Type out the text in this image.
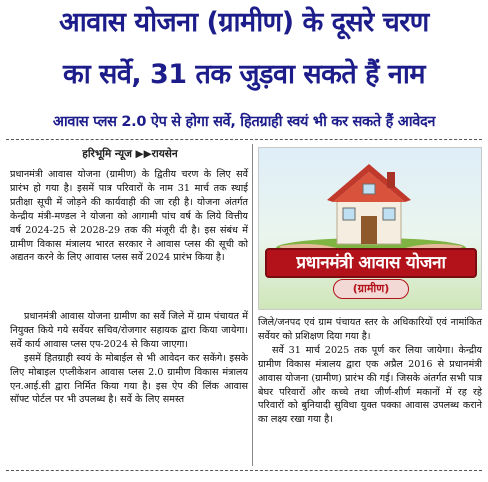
आवास योजना (ग्रामीण) के दूसरे चरण
का सर्वे, 31 तक जुड़वा सकते हैं नाम
आवास प्लस 2.0 ऐप से होगा सर्वे, हितग्राही स्वयं भी कर सकते हैं आवेदन
हरिभूमि न्यूज ▶▶रायसेन

प्रधानमंत्री आवास योजना (ग्रामीण) के द्वितीय चरण के लिए सर्वे प्रारंभ हो गया है। इसमें पात्र परिवारों के नाम 31 मार्च तक स्थाई प्रतीक्षा सूची में जोड़ने की कार्यवाही की जा रही है। योजना अंतर्गत केन्द्रीय मंत्री-मण्डल ने योजना को आगामी पांच वर्ष के लिये वित्तीय वर्ष 2024-25 से 2028-29 तक की मंजूरी दी है। इस संबंध में ग्रामीण विकास मंत्रालय भारत सरकार ने आवास प्लस की सूची को अद्यतन करने के लिए आवास प्लस सर्वे 2024 प्रारंभ किया है।

प्रधानमंत्री आवास योजना ग्रामीण का सर्वे जिले में ग्राम पंचायत में नियुक्त किये गये सर्वेयर सचिव/रोजगार सहायक द्वारा किया जायेगा। सर्वे कार्य आवास प्लस एप-2024 से किया जाएगा।

इसमें हितग्राही स्वयं के मोबाईल से भी आवेदन कर सकेंगे। इसके लिए मोबाइल एप्लीकेशन आवास प्लस 2.0 ग्रामीण विकास मंत्रालय एन.आई.सी द्वारा निर्मित किया गया है। इस ऐप की लिंक आवास सॉफ्ट पोर्टल पर भी उपलब्ध है। सर्वे के लिए समस्त

प्रधानमंत्री आवास योजना
(ग्रामीण)

जिले/जनपद एवं ग्राम पंचायत स्तर के अधिकारियों एवं नामांकित सर्वेयर को प्रशिक्षण दिया गया है।

सर्वे 31 मार्च 2025 तक पूर्ण कर लिया जायेगा। केन्द्रीय ग्रामीण विकास मंत्रालय द्वारा एक अप्रैल 2016 से प्रधानमंत्री आवास योजना (ग्रामीण) प्रारंभ की गई। जिसके अंतर्गत सभी पात्र बेघर परिवारों और कच्चे तथा जीर्ण-शीर्ण मकानों में रह रहे परिवारों को बुनियादी सुविधा युक्त पक्का आवास उपलब्ध कराने का लक्ष्य रखा गया है।
